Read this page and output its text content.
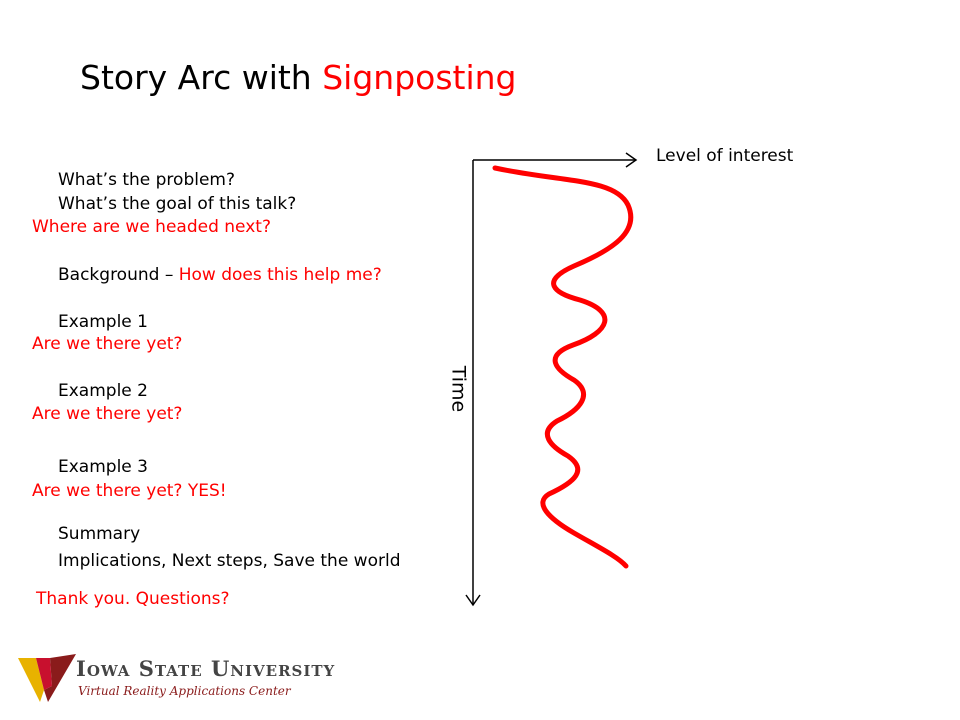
Story Arc with Signposting
What’s the problem?
What’s the goal of this talk?
Where are we headed next?
Background – How does this help me?
Example 1
Are we there yet?
Example 2
Are we there yet?
Example 3
Are we there yet? YES!
Summary
Implications, Next steps, Save the world
Thank you. Questions?
Level of interest
Time
Iowa State University
Virtual Reality Applications Center
